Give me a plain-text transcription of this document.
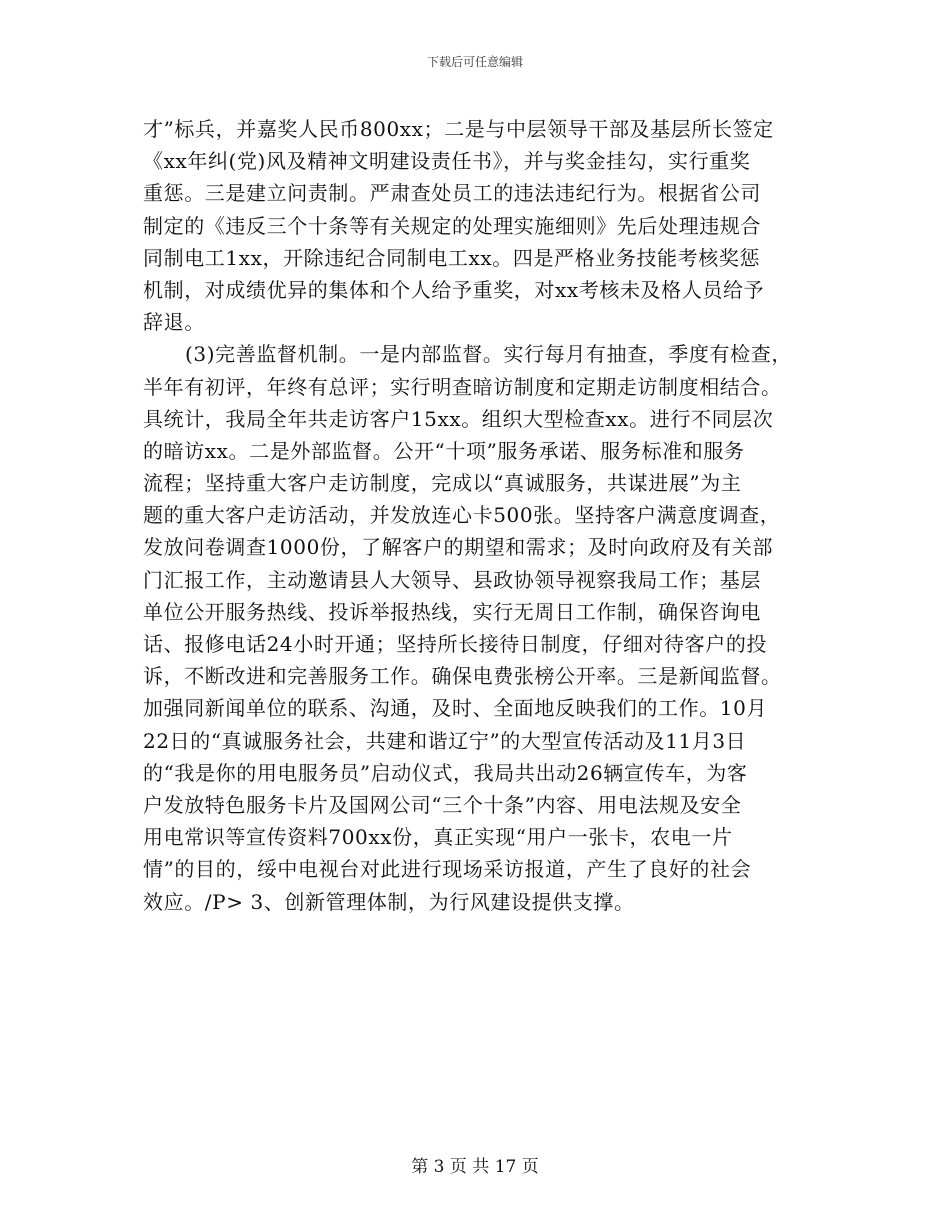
下载后可任意编辑
才”标兵，并嘉奖人民币800xx；二是与中层领导干部及基层所长签定
《xx年纠(党)风及精神文明建设责任书》，并与奖金挂勾，实行重奖
重惩。三是建立问责制。严肃查处员工的违法违纪行为。根据省公司
制定的《违反三个十条等有关规定的处理实施细则》先后处理违规合
同制电工1xx，开除违纪合同制电工xx。四是严格业务技能考核奖惩
机制，对成绩优异的集体和个人给予重奖，对xx考核未及格人员给予
辞退。
(3)完善监督机制。一是内部监督。实行每月有抽查，季度有检查，
半年有初评，年终有总评；实行明查暗访制度和定期走访制度相结合。
具统计，我局全年共走访客户15xx。组织大型检查xx。进行不同层次
的暗访xx。二是外部监督。公开“十项”服务承诺、服务标准和服务
流程；坚持重大客户走访制度，完成以“真诚服务，共谋进展”为主
题的重大客户走访活动，并发放连心卡500张。坚持客户满意度调查，
发放问卷调查1000份，了解客户的期望和需求；及时向政府及有关部
门汇报工作，主动邀请县人大领导、县政协领导视察我局工作；基层
单位公开服务热线、投诉举报热线，实行无周日工作制，确保咨询电
话、报修电话24小时开通；坚持所长接待日制度，仔细对待客户的投
诉，不断改进和完善服务工作。确保电费张榜公开率。三是新闻监督。
加强同新闻单位的联系、沟通，及时、全面地反映我们的工作。10月
22日的“真诚服务社会，共建和谐辽宁”的大型宣传活动及11月3日
的“我是你的用电服务员”启动仪式，我局共出动26辆宣传车，为客
户发放特色服务卡片及国网公司“三个十条”内容、用电法规及安全
用电常识等宣传资料700xx份，真正实现“用户一张卡，农电一片
情”的目的，绥中电视台对此进行现场采访报道，产生了良好的社会
效应。/P> 3、创新管理体制，为行风建设提供支撑。
第 3 页 共 17 页
